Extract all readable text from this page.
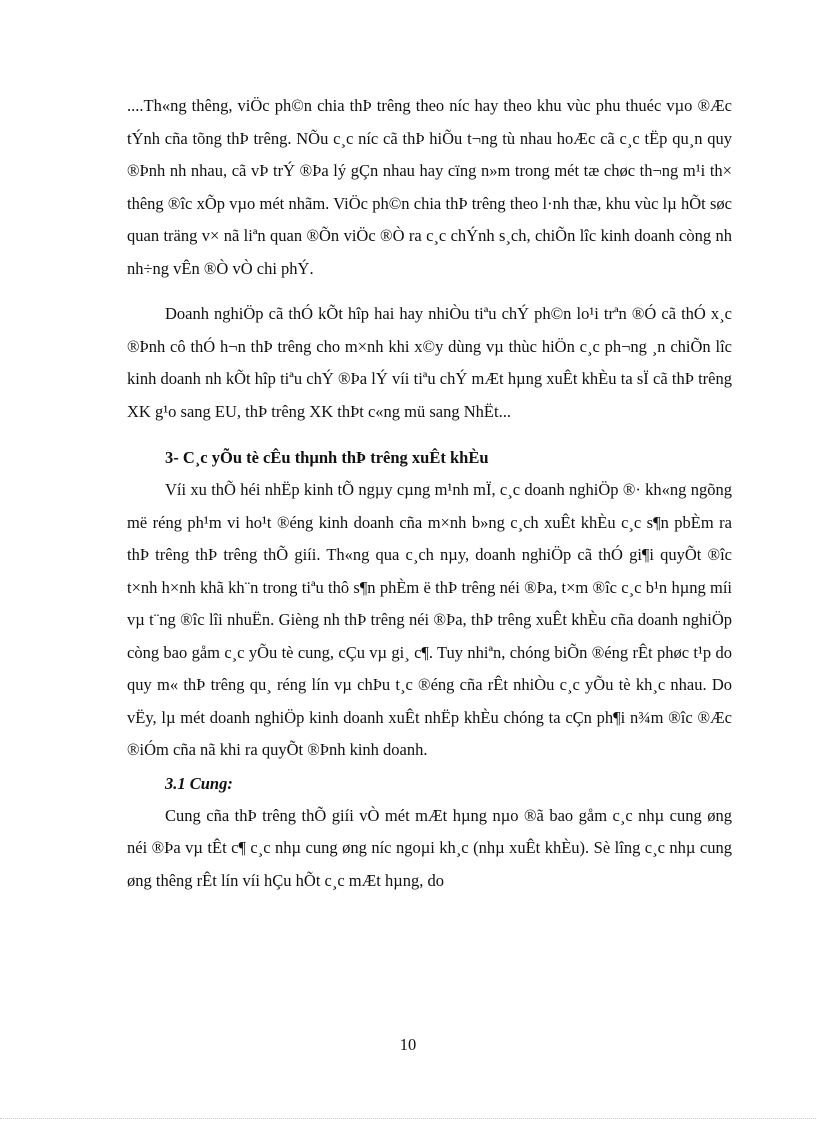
....Th«ng thêng, viÖc ph©n chia thÞ trêng theo níc hay theo khu vùc phu thuéc vµo ®Æc tÝnh cña tõng thÞ trêng. NÕu c¸c níc cã thÞ hiÕu t¬ng tù nhau hoÆc cã c¸c tËp qu¸n quy ®Þnh nh nhau, cã vÞ trÝ ®Þa lý gÇn nhau hay cïng n»m trong mét tæ chøc th¬ng m¹i th× thêng ®îc xÕp vµo mét nhãm. ViÖc ph©n chia thÞ trêng theo l·nh thæ, khu vùc lµ hÕt søc quan träng v× nã liªn quan ®Õn viÖc ®Ò ra c¸c chÝnh s¸ch, chiÕn lîc kinh doanh còng nh nh÷ng vÊn ®Ò vÒ chi phÝ.

Doanh nghiÖp cã thÓ kÕt hîp hai hay nhiÒu tiªu chÝ ph©n lo¹i trªn ®Ó cã thÓ x¸c ®Þnh cô thÓ h¬n thÞ trêng cho m×nh khi x©y dùng vµ thùc hiÖn c¸c ph¬ng ¸n chiÕn lîc kinh doanh nh kÕt hîp tiªu chÝ ®Þa lÝ víi tiªu chÝ mÆt hµng xuÊt khÈu ta sÏ cã thÞ trêng XK g¹o sang EU, thÞ trêng XK thÞt c«ng mü sang NhËt...

3- C¸c yÕu tè cÊu thµnh thÞ trêng xuÊt khÈu

Víi xu thÕ héi nhËp kinh tÕ ngµy cµng m¹nh mÏ, c¸c doanh nghiÖp ®· kh«ng ngõng më réng ph¹m vi ho¹t ®éng kinh doanh cña m×nh b»ng c¸ch xuÊt khÈu c¸c s¶n pbÈm ra thÞ trêng thÞ trêng thÕ giíi. Th«ng qua c¸ch nµy, doanh nghiÖp cã thÓ gi¶i quyÕt ®îc t×nh h×nh khã kh¨n trong tiªu thô s¶n phÈm ë thÞ trêng néi ®Þa, t×m ®îc c¸c b¹n hµng míi vµ t¨ng ®îc lîi nhuËn. Gièng nh thÞ trêng néi ®Þa, thÞ trêng xuÊt khÈu cña doanh nghiÖp còng bao gåm c¸c yÕu tè cung, cÇu vµ gi¸ c¶. Tuy nhiªn, chóng biÕn ®éng rÊt phøc t¹p do quy m« thÞ trêng qu¸ réng lín vµ chÞu t¸c ®éng cña rÊt nhiÒu c¸c yÕu tè kh¸c nhau. Do vËy, lµ mét doanh nghiÖp kinh doanh xuÊt nhËp khÈu chóng ta cÇn ph¶i n¾m ®îc ®Æc ®iÓm cña nã khi ra quyÕt ®Þnh kinh doanh.

3.1 Cung:

Cung cña thÞ trêng thÕ giíi vÒ mét mÆt hµng nµo ®ã bao gåm c¸c nhµ cung øng néi ®Þa vµ tÊt c¶ c¸c nhµ cung øng níc ngoµi kh¸c (nhµ xuÊt khÈu). Sè lîng c¸c nhµ cung øng thêng rÊt lín víi hÇu hÕt c¸c mÆt hµng, do

10
